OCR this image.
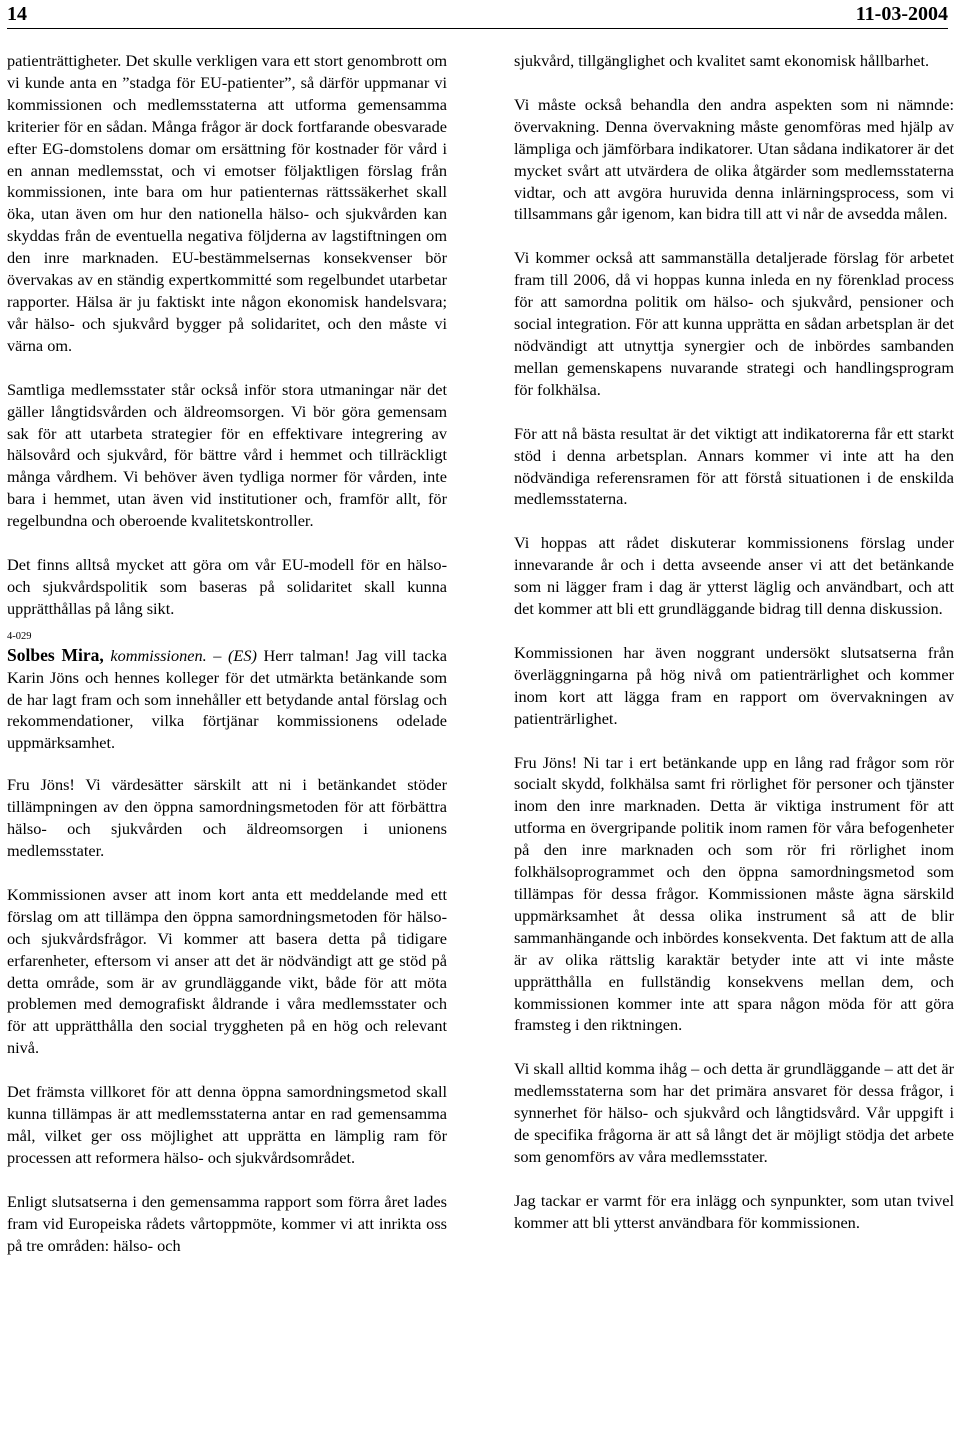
14	11-03-2004

patienträttigheter. Det skulle verkligen vara ett stort genombrott om vi kunde anta en ”stadga för EU-patienter”, så därför uppmanar vi kommissionen och medlemsstaterna att utforma gemensamma kriterier för en sådan. Många frågor är dock fortfarande obesvarade efter EG-domstolens domar om ersättning för kostnader för vård i en annan medlemsstat, och vi emotser följaktligen förslag från kommissionen, inte bara om hur patienternas rättssäkerhet skall öka, utan även om hur den nationella hälso- och sjukvården kan skyddas från de eventuella negativa följderna av lagstiftningen om den inre marknaden. EU-bestämmelsernas konsekvenser bör övervakas av en ständig expertkommitté som regelbundet utarbetar rapporter. Hälsa är ju faktiskt inte någon ekonomisk handelsvara; vår hälso- och sjukvård bygger på solidaritet, och den måste vi värna om.

Samtliga medlemsstater står också inför stora utmaningar när det gäller långtidsvården och äldreomsorgen. Vi bör göra gemensam sak för att utarbeta strategier för en effektivare integrering av hälsovård och sjukvård, för bättre vård i hemmet och tillräckligt många vårdhem. Vi behöver även tydliga normer för vården, inte bara i hemmet, utan även vid institutioner och, framför allt, för regelbundna och oberoende kvalitetskontroller.

Det finns alltså mycket att göra om vår EU-modell för en hälso- och sjukvårdspolitik som baseras på solidaritet skall kunna upprätthållas på lång sikt.

4-029

Solbes Mira, kommissionen. – (ES) Herr talman! Jag vill tacka Karin Jöns och hennes kolleger för det utmärkta betänkande som de har lagt fram och som innehåller ett betydande antal förslag och rekommendationer, vilka förtjänar kommissionens odelade uppmärksamhet.

Fru Jöns! Vi värdesätter särskilt att ni i betänkandet stöder tillämpningen av den öppna samordningsmetoden för att förbättra hälso- och sjukvården och äldreomsorgen i unionens medlemsstater.

Kommissionen avser att inom kort anta ett meddelande med ett förslag om att tillämpa den öppna samordningsmetoden för hälso- och sjukvårdsfrågor. Vi kommer att basera detta på tidigare erfarenheter, eftersom vi anser att det är nödvändigt att ge stöd på detta område, som är av grundläggande vikt, både för att möta problemen med demografiskt åldrande i våra medlemsstater och för att upprätthålla den social tryggheten på en hög och relevant nivå.

Det främsta villkoret för att denna öppna samordningsmetod skall kunna tillämpas är att medlemsstaterna antar en rad gemensamma mål, vilket ger oss möjlighet att upprätta en lämplig ram för processen att reformera hälso- och sjukvårdsområdet.

Enligt slutsatserna i den gemensamma rapport som förra året lades fram vid Europeiska rådets vårtoppmöte, kommer vi att inrikta oss på tre områden: hälso- och

sjukvård, tillgänglighet och kvalitet samt ekonomisk hållbarhet.

Vi måste också behandla den andra aspekten som ni nämnde: övervakning. Denna övervakning måste genomföras med hjälp av lämpliga och jämförbara indikatorer. Utan sådana indikatorer är det mycket svårt att utvärdera de olika åtgärder som medlemsstaterna vidtar, och att avgöra huruvida denna inlärningsprocess, som vi tillsammans går igenom, kan bidra till att vi når de avsedda målen.

Vi kommer också att sammanställa detaljerade förslag för arbetet fram till 2006, då vi hoppas kunna inleda en ny förenklad process för att samordna politik om hälso- och sjukvård, pensioner och social integration. För att kunna upprätta en sådan arbetsplan är det nödvändigt att utnyttja synergier och de inbördes sambanden mellan gemenskapens nuvarande strategi och handlingsprogram för folkhälsa.

För att nå bästa resultat är det viktigt att indikatorerna får ett starkt stöd i denna arbetsplan. Annars kommer vi inte att ha den nödvändiga referensramen för att förstå situationen i de enskilda medlemsstaterna.

Vi hoppas att rådet diskuterar kommissionens förslag under innevarande år och i detta avseende anser vi att det betänkande som ni lägger fram i dag är ytterst läglig och användbart, och att det kommer att bli ett grundläggande bidrag till denna diskussion.

Kommissionen har även noggrant undersökt slutsatserna från överläggningarna på hög nivå om patienträrlighet och kommer inom kort att lägga fram en rapport om övervakningen av patienträrlighet.

Fru Jöns! Ni tar i ert betänkande upp en lång rad frågor som rör socialt skydd, folkhälsa samt fri rörlighet för personer och tjänster inom den inre marknaden. Detta är viktiga instrument för att utforma en övergripande politik inom ramen för våra befogenheter på den inre marknaden och som rör fri rörlighet inom folkhälsoprogrammet och den öppna samordningsmetod som tillämpas för dessa frågor. Kommissionen måste ägna särskild uppmärksamhet åt dessa olika instrument så att de blir sammanhängande och inbördes konsekventa. Det faktum att de alla är av olika rättslig karaktär betyder inte att vi inte måste upprätthålla en fullständig konsekvens mellan dem, och kommissionen kommer inte att spara någon möda för att göra framsteg i den riktningen.

Vi skall alltid komma ihåg – och detta är grundläggande – att det är medlemsstaterna som har det primära ansvaret för dessa frågor, i synnerhet för hälso- och sjukvård och långtidsvård. Vår uppgift i de specifika frågorna är att så långt det är möjligt stödja det arbete som genomförs av våra medlemsstater.

Jag tackar er varmt för era inlägg och synpunkter, som utan tvivel kommer att bli ytterst användbara för kommissionen.
